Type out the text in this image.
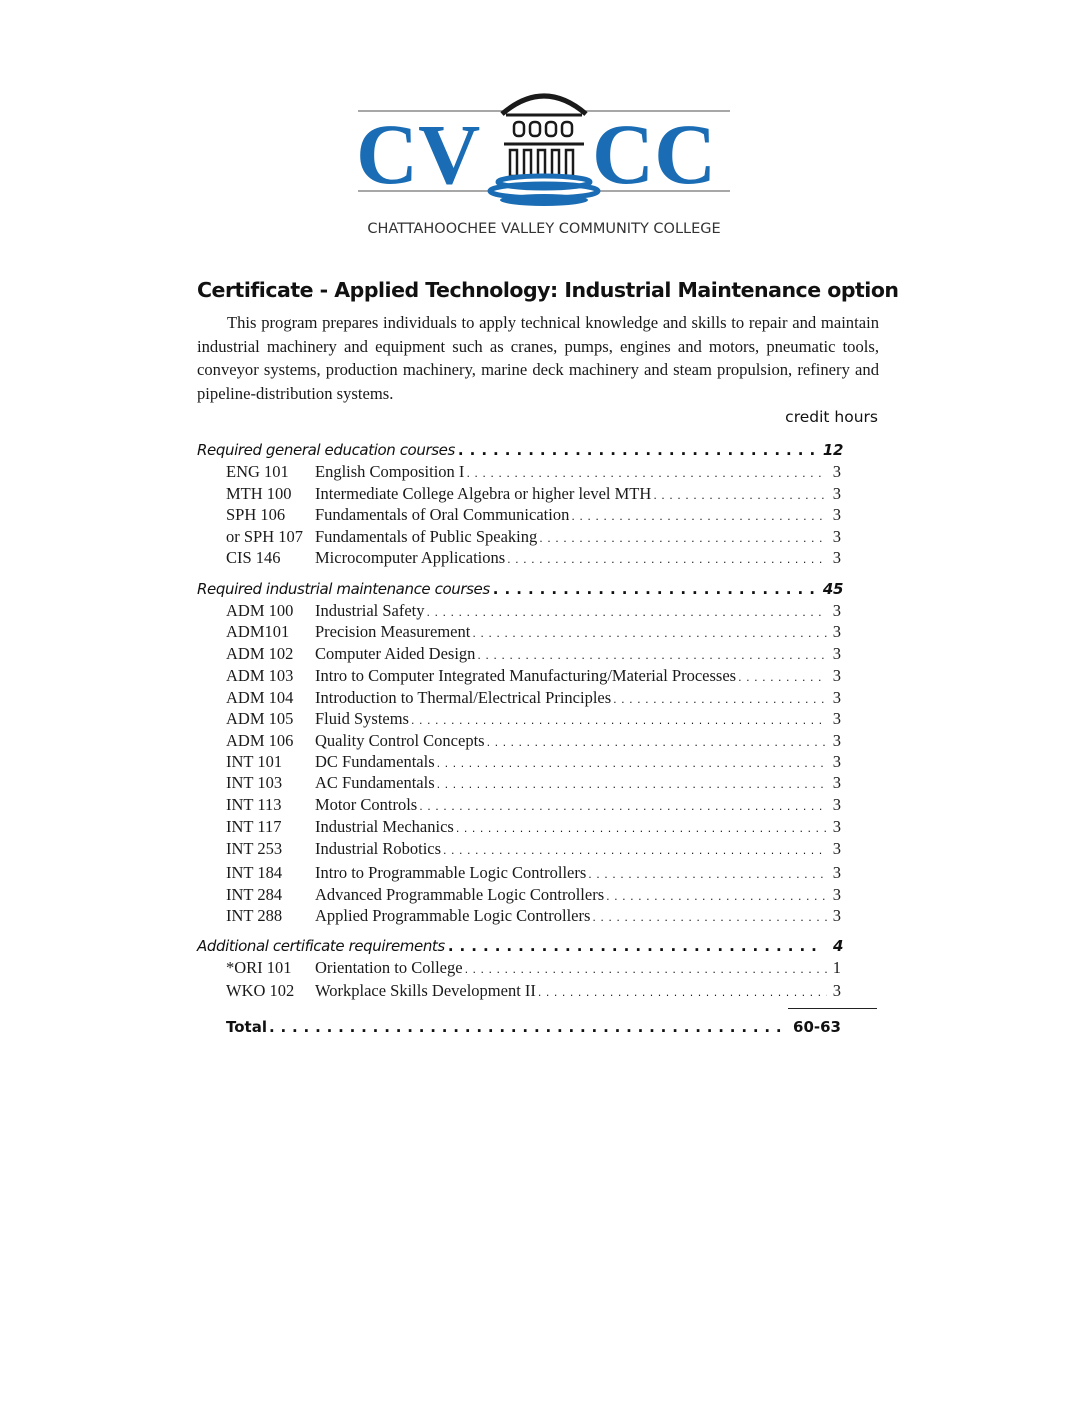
CV CC
CHATTAHOOCHEE VALLEY COMMUNITY COLLEGE
Certificate - Applied Technology: Industrial Maintenance option

This program prepares individuals to apply technical knowledge and skills to repair and maintain industrial machinery and equipment such as cranes, pumps, engines and motors, pneumatic tools, conveyor systems, production machinery, marine deck machinery and steam propulsion, refinery and pipeline-distribution systems.

credit hours
Required general education courses . . .	12
ENG 101	English Composition I . . .	3
MTH 100	Intermediate College Algebra or higher level MTH . . .	3
SPH 106	Fundamentals of Oral Communication . . .	3
or SPH 107 Fundamentals of Public Speaking . . .	3
CIS 146	Microcomputer Applications . . .	3
Required industrial maintenance courses . . .	45
ADM 100	Industrial Safety . . .	3
ADM101	Precision Measurement . . .	3
ADM 102	Computer Aided Design . . .	3
ADM 103	Intro to Computer Integrated Manufacturing/Material Processes . . .	3
ADM 104	Introduction to Thermal/Electrical Principles . . .	3
ADM 105	Fluid Systems . . .	3
ADM 106	Quality Control Concepts . . .	3
INT 101	DC Fundamentals . . .	3
INT 103	AC Fundamentals . . .	3
INT 113	Motor Controls . . .	3
INT 117	Industrial Mechanics . . .	3
INT 253	Industrial Robotics . . .	3
INT 184	Intro to Programmable Logic Controllers . . .	3
INT 284	Advanced Programmable Logic Controllers . . .	3
INT 288	Applied Programmable Logic Controllers . . .	3
Additional certificate requirements . . .	4
*ORI 101	Orientation to College . . .	1
WKO 102	Workplace Skills Development II . . .	3
Total . . .	60-63
